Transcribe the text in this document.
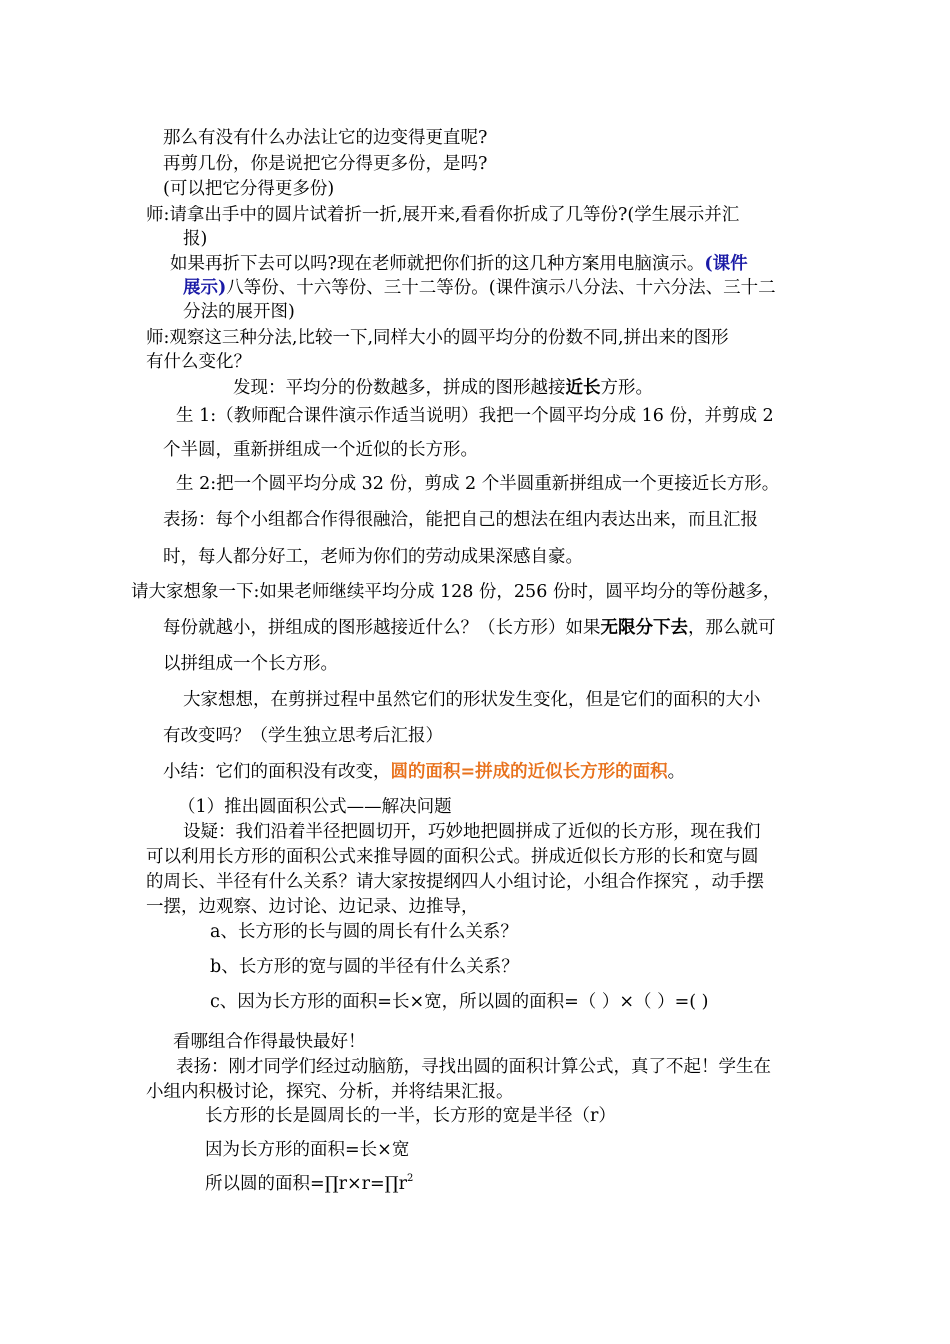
那么有没有什么办法让它的边变得更直呢?
再剪几份，你是说把它分得更多份，是吗?
(可以把它分得更多份)
师:请拿出手中的圆片试着折一折,展开来,看看你折成了几等份?(学生展示并汇
报)
如果再折下去可以吗?现在老师就把你们折的这几种方案用电脑演示。(课件
展示)八等份、十六等份、三十二等份。(课件演示八分法、十六分法、三十二
分法的展开图)
师:观察这三种分法,比较一下,同样大小的圆平均分的份数不同,拼出来的图形
有什么变化？
发现：平均分的份数越多，拼成的图形越接近长方形。
生 1:（教师配合课件演示作适当说明）我把一个圆平均分成 16 份，并剪成 2
个半圆，重新拼组成一个近似的长方形。
生 2:把一个圆平均分成 32 份，剪成 2 个半圆重新拼组成一个更接近长方形。
表扬：每个小组都合作得很融洽，能把自己的想法在组内表达出来，而且汇报
时，每人都分好工，老师为你们的劳动成果深感自豪。
请大家想象一下:如果老师继续平均分成 128 份，256 份时，圆平均分的等份越多，
每份就越小，拼组成的图形越接近什么？（长方形）如果无限分下去，那么就可
以拼组成一个长方形。
大家想想，在剪拼过程中虽然它们的形状发生变化，但是它们的面积的大小
有改变吗？（学生独立思考后汇报）
小结：它们的面积没有改变，圆的面积=拼成的近似长方形的面积。
（1）推出圆面积公式——解决问题
设疑：我们沿着半径把圆切开，巧妙地把圆拼成了近似的长方形，现在我们
可以利用长方形的面积公式来推导圆的面积公式。拼成近似长方形的长和宽与圆
的周长、半径有什么关系？请大家按提纲四人小组讨论，小组合作探究 ，动手摆
一摆，边观察、边讨论、边记录、边推导，
a、长方形的长与圆的周长有什么关系？
b、长方形的宽与圆的半径有什么关系？
c、因为长方形的面积=长×宽，所以圆的面积=（ ）×（ ）=( )
看哪组合作得最快最好！
表扬：刚才同学们经过动脑筋，寻找出圆的面积计算公式，真了不起！学生在
小组内积极讨论，探究、分析，并将结果汇报。
长方形的长是圆周长的一半，长方形的宽是半径（r）
因为长方形的面积=长×宽
所以圆的面积$=\prod r\times r=\prod r^2$
